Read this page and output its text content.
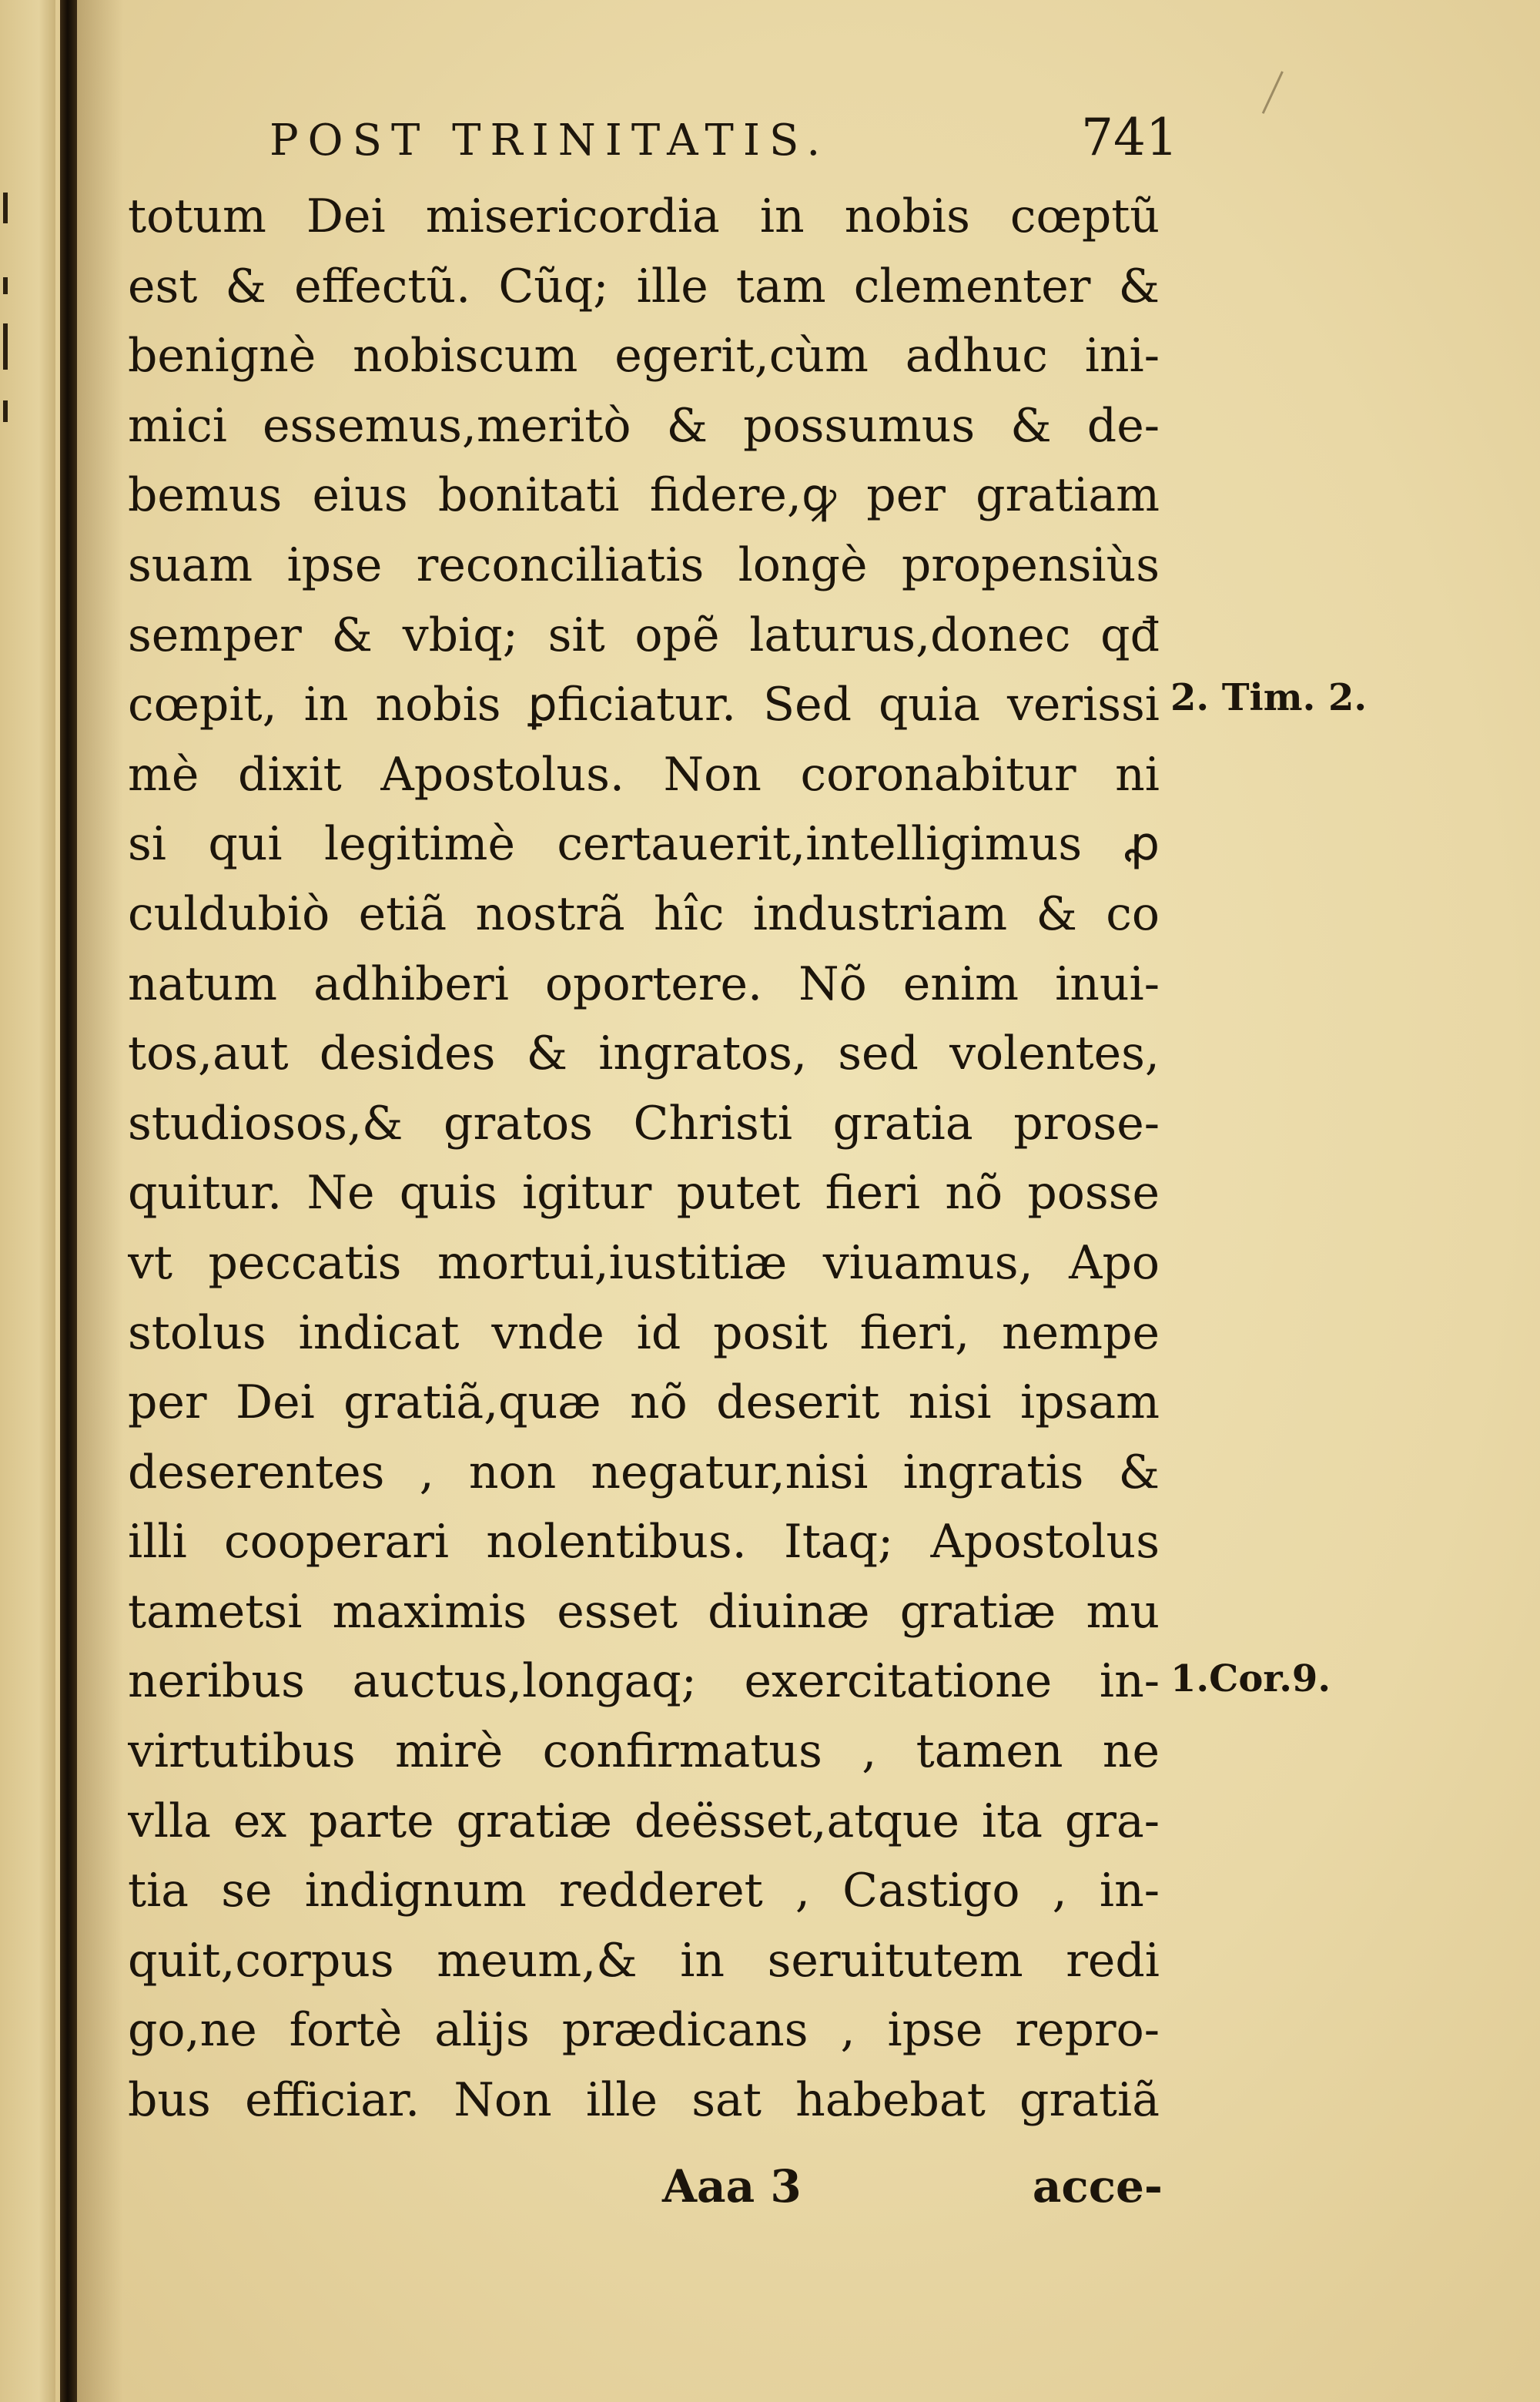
POST TRINITATIS.	741
totum Dei misericordia in nobis cœptũ
est & effectũ. Cũq; ille tam clementer &
benignè nobiscum egerit,cùm adhuc ini-
mici essemus,meritò & possumus & de-
bemus eius bonitati fidere,ꝙ per gratiam
suam ipse reconciliatis longè propensiùs
semper & vbiq; sit opẽ laturus,donec qđ
cœpit, in nobis ꝑficiatur. Sed quia verissi
mè dixit Apostolus. Non coronabitur ni
si qui legitimè certauerit,intelligimus ꝓ
culdubiò etiã nostrã hîc industriam & co
natum adhiberi oportere. Nõ enim inui-
tos,aut desides & ingratos, sed volentes,
studiosos,& gratos Christi gratia prose-
quitur. Ne quis igitur putet fieri nõ posse
vt peccatis mortui,iustitiæ viuamus, Apo
stolus indicat vnde id posit fieri, nempe
per Dei gratiã,quæ nõ deserit nisi ipsam
deserentes , non negatur,nisi ingratis &
illi cooperari nolentibus. Itaq; Apostolus
tametsi maximis esset diuinæ gratiæ mu
neribus auctus,longaq; exercitatione in-
virtutibus mirè confirmatus , tamen ne
vlla ex parte gratiæ deësset,atque ita gra-
tia se indignum redderet , Castigo , in-
quit,corpus meum,& in seruitutem redi
go,ne fortè alijs prædicans , ipse repro-
bus efficiar. Non ille sat habebat gratiã
2. Tim. 2.
1.Cor.9.
Aaa 3	acce-
